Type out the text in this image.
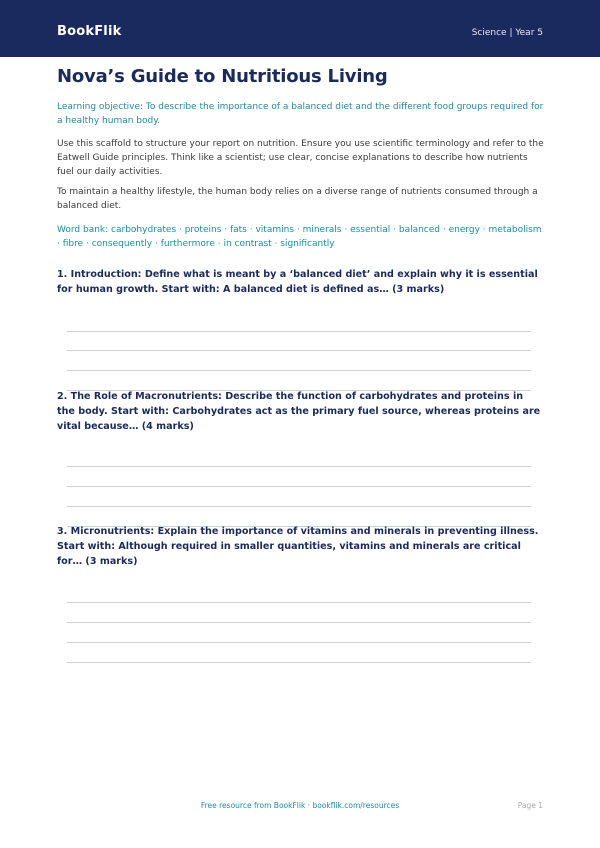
BookFlik	Science | Year 5
Nova’s Guide to Nutritious Living
Learning objective: To describe the importance of a balanced diet and the different food groups required for a healthy human body.
Use this scaffold to structure your report on nutrition. Ensure you use scientific terminology and refer to the Eatwell Guide principles. Think like a scientist; use clear, concise explanations to describe how nutrients fuel our daily activities.
To maintain a healthy lifestyle, the human body relies on a diverse range of nutrients consumed through a balanced diet.
Word bank: carbohydrates · proteins · fats · vitamins · minerals · essential · balanced · energy · metabolism · fibre · consequently · furthermore · in contrast · significantly
1. Introduction: Define what is meant by a ‘balanced diet’ and explain why it is essential for human growth. Start with: A balanced diet is defined as… (3 marks)
2. The Role of Macronutrients: Describe the function of carbohydrates and proteins in the body. Start with: Carbohydrates act as the primary fuel source, whereas proteins are vital because… (4 marks)
3. Micronutrients: Explain the importance of vitamins and minerals in preventing illness. Start with: Although required in smaller quantities, vitamins and minerals are critical for… (3 marks)
Free resource from BookFlik · bookflik.com/resources	Page 1
